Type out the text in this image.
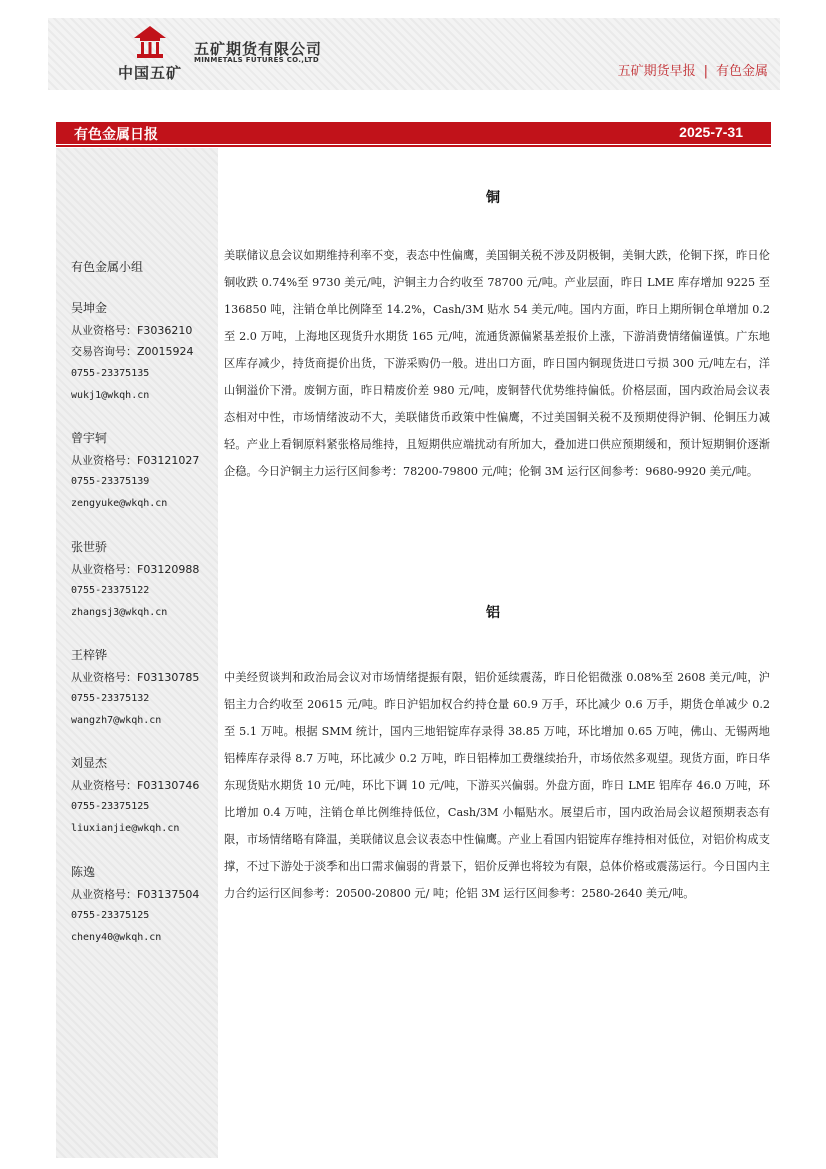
中国五矿
五矿期货有限公司
MINMETALS FUTURES CO.,LTD
五矿期货早报 | 有色金属
有色金属日报	2025-7-31
有色金属小组
吴坤金
从业资格号：F3036210
交易咨询号：Z0015924
0755-23375135
wukj1@wkqh.cn
曾宇轲
从业资格号：F03121027
0755-23375139
zengyuke@wkqh.cn
张世骄
从业资格号：F03120988
0755-23375122
zhangsj3@wkqh.cn
王梓铧
从业资格号：F03130785
0755-23375132
wangzh7@wkqh.cn
刘显杰
从业资格号：F03130746
0755-23375125
liuxianjie@wkqh.cn
陈逸
从业资格号：F03137504
0755-23375125
cheny40@wkqh.cn
铜
美联储议息会议如期维持利率不变，表态中性偏鹰，美国铜关税不涉及阴极铜，美铜大跌，伦铜下探，昨日伦铜收跌 0.74%至 9730 美元/吨，沪铜主力合约收至 78700 元/吨。产业层面，昨日 LME 库存增加 9225 至 136850 吨，注销仓单比例降至 14.2%，Cash/3M 贴水 54 美元/吨。国内方面，昨日上期所铜仓单增加 0.2 至 2.0 万吨，上海地区现货升水期货 165 元/吨，流通货源偏紧基差报价上涨，下游消费情绪偏谨慎。广东地区库存减少，持货商提价出货，下游采购仍一般。进出口方面，昨日国内铜现货进口亏损 300 元/吨左右，洋山铜溢价下滑。废铜方面，昨日精废价差 980 元/吨，废铜替代优势维持偏低。价格层面，国内政治局会议表态相对中性，市场情绪波动不大，美联储货币政策中性偏鹰，不过美国铜关税不及预期使得沪铜、伦铜压力减轻。产业上看铜原料紧张格局维持，且短期供应端扰动有所加大，叠加进口供应预期缓和，预计短期铜价逐渐企稳。今日沪铜主力运行区间参考：78200-79800 元/吨；伦铜 3M 运行区间参考：9680-9920 美元/吨。
铝
中美经贸谈判和政治局会议对市场情绪提振有限，铝价延续震荡，昨日伦铝微涨 0.08%至 2608 美元/吨，沪铝主力合约收至 20615 元/吨。昨日沪铝加权合约持仓量 60.9 万手，环比减少 0.6 万手，期货仓单减少 0.2 至 5.1 万吨。根据 SMM 统计，国内三地铝锭库存录得 38.85 万吨，环比增加 0.65 万吨，佛山、无锡两地铝棒库存录得 8.7 万吨，环比减少 0.2 万吨，昨日铝棒加工费继续抬升，市场依然多观望。现货方面，昨日华东现货贴水期货 10 元/吨，环比下调 10 元/吨，下游买兴偏弱。外盘方面，昨日 LME 铝库存 46.0 万吨，环比增加 0.4 万吨，注销仓单比例维持低位，Cash/3M 小幅贴水。展望后市，国内政治局会议超预期表态有限，市场情绪略有降温，美联储议息会议表态中性偏鹰。产业上看国内铝锭库存维持相对低位，对铝价构成支撑，不过下游处于淡季和出口需求偏弱的背景下，铝价反弹也将较为有限，总体价格或震荡运行。今日国内主力合约运行区间参考：20500-20800 元/ 吨；伦铝 3M 运行区间参考：2580-2640 美元/吨。
